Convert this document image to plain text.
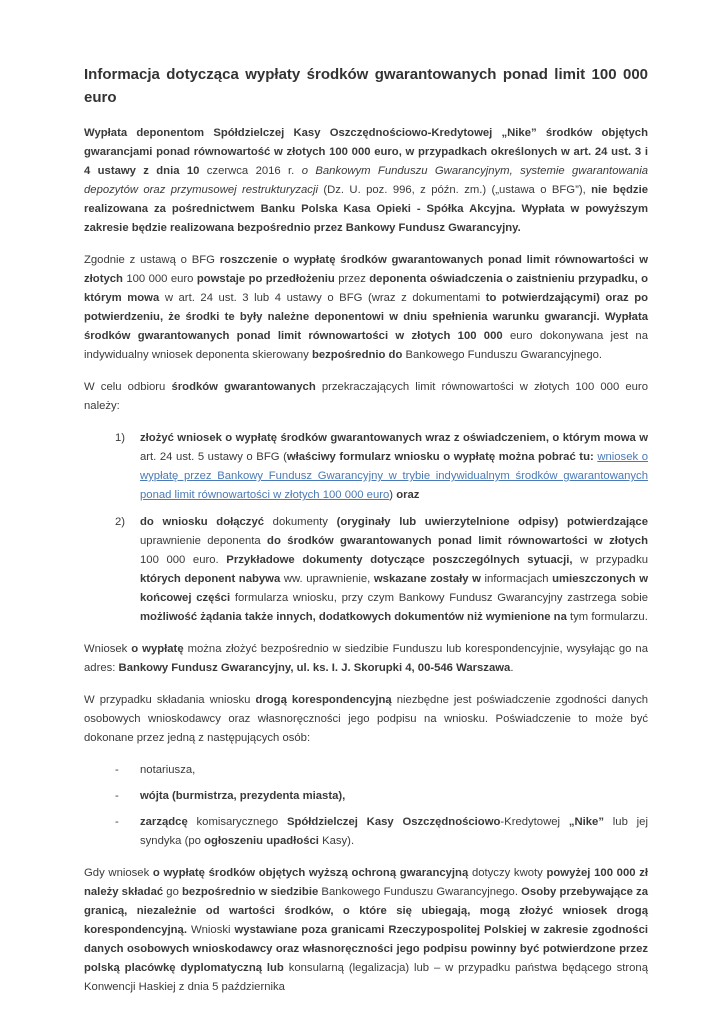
Informacja dotycząca wypłaty środków gwarantowanych ponad limit 100 000 euro

Wypłata deponentom Spółdzielczej Kasy Oszczędnościowo-Kredytowej „Nike” środków objętych gwarancjami ponad równowartość w złotych 100 000 euro, w przypadkach określonych w art. 24 ust. 3 i 4 ustawy z dnia 10 czerwca 2016 r. o Bankowym Funduszu Gwarancyjnym, systemie gwarantowania depozytów oraz przymusowej restrukturyzacji (Dz. U. poz. 996, z późn. zm.) („ustawa o BFG”), nie będzie realizowana za pośrednictwem Banku Polska Kasa Opieki - Spółka Akcyjna. Wypłata w powyższym zakresie będzie realizowana bezpośrednio przez Bankowy Fundusz Gwarancyjny.

Zgodnie z ustawą o BFG roszczenie o wypłatę środków gwarantowanych ponad limit równowartości w złotych 100 000 euro powstaje po przedłożeniu przez deponenta oświadczenia o zaistnieniu przypadku, o którym mowa w art. 24 ust. 3 lub 4 ustawy o BFG (wraz z dokumentami to potwierdzającymi) oraz po potwierdzeniu, że środki te były należne deponentowi w dniu spełnienia warunku gwarancji. Wypłata środków gwarantowanych ponad limit równowartości w złotych 100 000 euro dokonywana jest na indywidualny wniosek deponenta skierowany bezpośrednio do Bankowego Funduszu Gwarancyjnego.

W celu odbioru środków gwarantowanych przekraczających limit równowartości w złotych 100 000 euro należy:

1) złożyć wniosek o wypłatę środków gwarantowanych wraz z oświadczeniem, o którym mowa w art. 24 ust. 5 ustawy o BFG (właściwy formularz wniosku o wypłatę można pobrać tu: wniosek o wypłatę przez Bankowy Fundusz Gwarancyjny w trybie indywidualnym środków gwarantowanych ponad limit równowartości w złotych 100 000 euro) oraz
2) do wniosku dołączyć dokumenty (oryginały lub uwierzytelnione odpisy) potwierdzające uprawnienie deponenta do środków gwarantowanych ponad limit równowartości w złotych 100 000 euro. Przykładowe dokumenty dotyczące poszczególnych sytuacji, w przypadku których deponent nabywa ww. uprawnienie, wskazane zostały w informacjach umieszczonych w końcowej części formularza wniosku, przy czym Bankowy Fundusz Gwarancyjny zastrzega sobie możliwość żądania także innych, dodatkowych dokumentów niż wymienione na tym formularzu.

Wniosek o wypłatę można złożyć bezpośrednio w siedzibie Funduszu lub korespondencyjnie, wysyłając go na adres: Bankowy Fundusz Gwarancyjny, ul. ks. I. J. Skorupki 4, 00-546 Warszawa.

W przypadku składania wniosku drogą korespondencyjną niezbędne jest poświadczenie zgodności danych osobowych wnioskodawcy oraz własnoręczności jego podpisu na wniosku. Poświadczenie to może być dokonane przez jedną z następujących osób:

- notariusza,
- wójta (burmistrza, prezydenta miasta),
- zarządcę komisarycznego Spółdzielczej Kasy Oszczędnościowo-Kredytowej „Nike” lub jej syndyka (po ogłoszeniu upadłości Kasy).

Gdy wniosek o wypłatę środków objętych wyższą ochroną gwarancyjną dotyczy kwoty powyżej 100 000 zł należy składać go bezpośrednio w siedzibie Bankowego Funduszu Gwarancyjnego. Osoby przebywające za granicą, niezależnie od wartości środków, o które się ubiegają, mogą złożyć wniosek drogą korespondencyjną. Wnioski wystawiane poza granicami Rzeczypospolitej Polskiej w zakresie zgodności danych osobowych wnioskodawcy oraz własnoręczności jego podpisu powinny być potwierdzone przez polską placówkę dyplomatyczną lub konsularną (legalizacja) lub – w przypadku państwa będącego stroną Konwencji Haskiej z dnia 5 października
